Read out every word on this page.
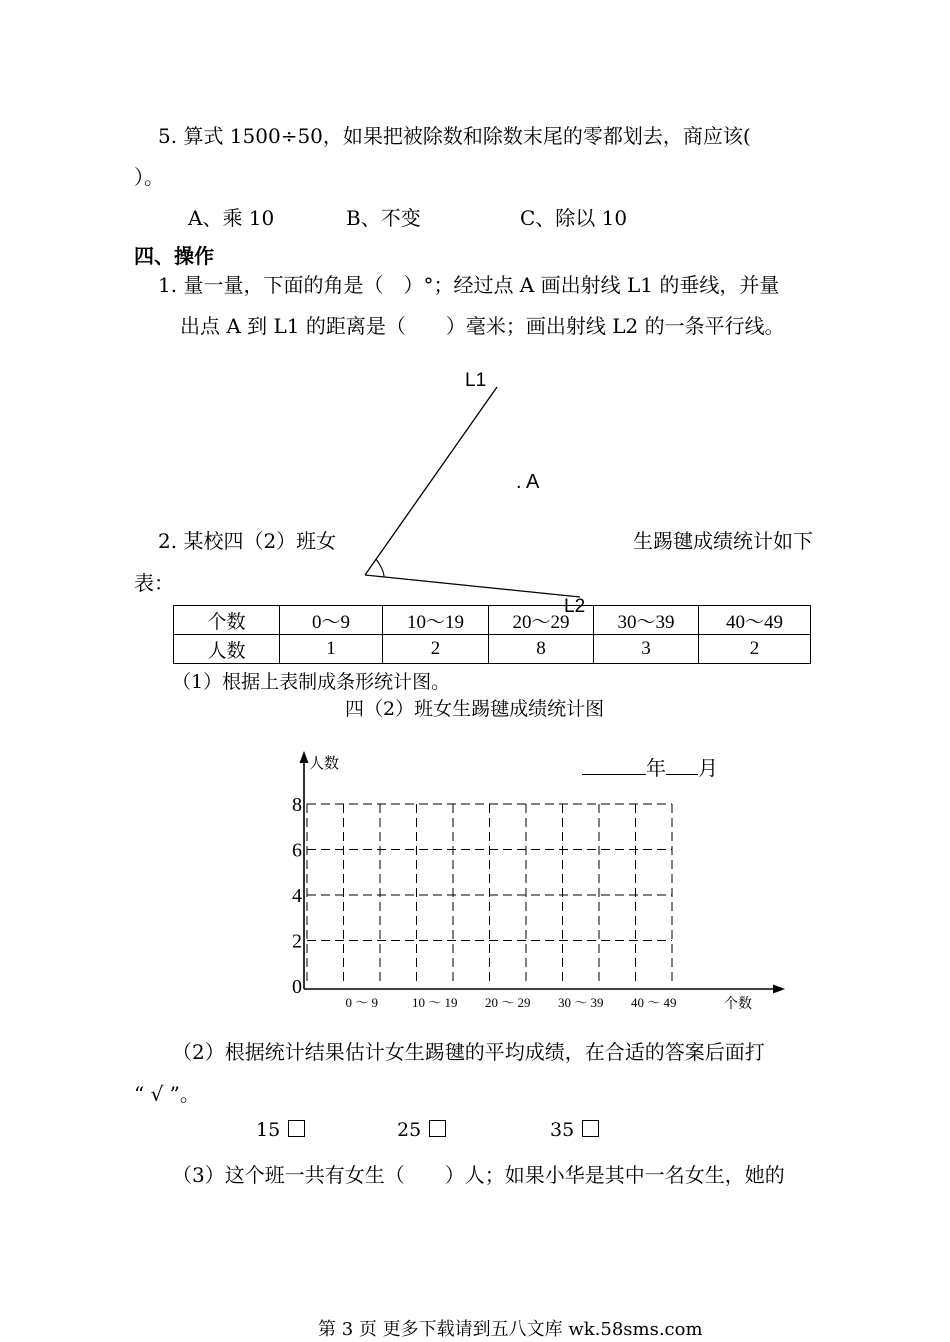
5. 算式 1500÷50，如果把被除数和除数末尾的零都划去，商应该(
）。
A、乘 10	B、不变	C、除以 10
四、操作
1. 量一量，下面的角是（　）°；经过点 A 画出射线 L1 的垂线，并量
出点 A 到 L1 的距离是（　　）毫米；画出射线 L2 的一条平行线。
L1
L2
. A
2. 某校四（2）班女	生踢毽成绩统计如下
表：
个数	0～9	10～19	20～29	30～39	40～49
人数	1	2	8	3	2
（1）根据上表制成条形统计图。
四（2）班女生踢毽成绩统计图
人数
个数
0
2
4
6
8
0 ～ 9	10 ～ 19 20 ～ 29 30 ～ 39 40 ～ 49
年 月
（2）根据统计结果估计女生踢毽的平均成绩，在合适的答案后面打
“ √ ”。
15	25	35
（3）这个班一共有女生（　　）人；如果小华是其中一名女生，她的
第 3 页 更多下载请到五八文库 wk.58sms.com
